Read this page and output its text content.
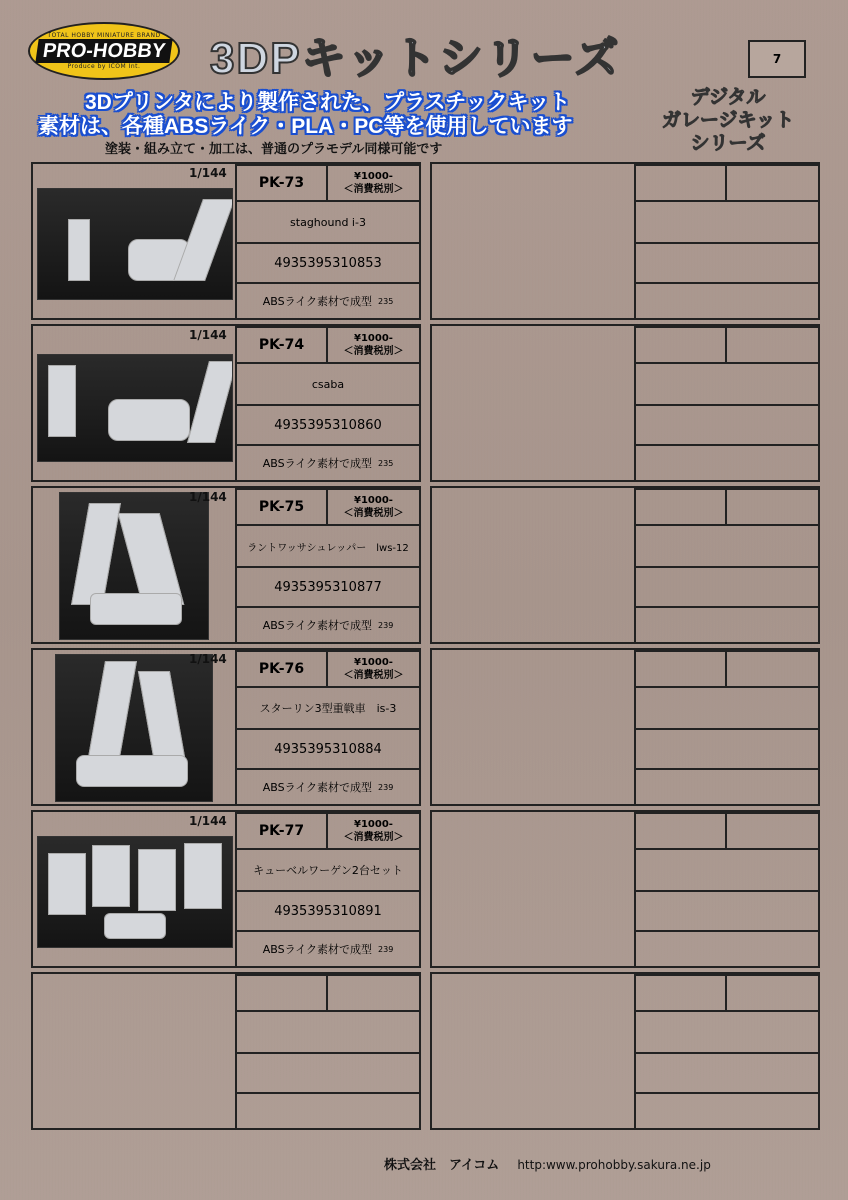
TOTAL HOBBY MINIATURE BRAND
PRO-HOBBY
Produce by ICOM Int. 3DPキットシリーズ	7
3Dプリンタにより製作された、プラスチックキット
素材は、各種ABSライク・PLA・PC等を使用しています
デジタル
ガレージキット
シリーズ
塗装・組み立て・加工は、普通のプラモデル同様可能です
1/144
PK-73	¥1000-
＜消費税別＞
staghound i-3
4935395310853
ABSライク素材で成型 235
1/144
PK-74	¥1000-
＜消費税別＞
csaba
4935395310860
ABSライク素材で成型 235
1/144
PK-75	¥1000-
＜消費税別＞
ラントワッサシュレッパー　lws-12
4935395310877
ABSライク素材で成型 239
1/144
PK-76	¥1000-
＜消費税別＞
スターリン3型重戦車　is-3
4935395310884
ABSライク素材で成型 239
1/144
PK-77	¥1000-
＜消費税別＞
キューベルワーゲン2台セット
4935395310891
ABSライク素材で成型 239
株式会社　アイコム http:www.prohobby.sakura.ne.jp
